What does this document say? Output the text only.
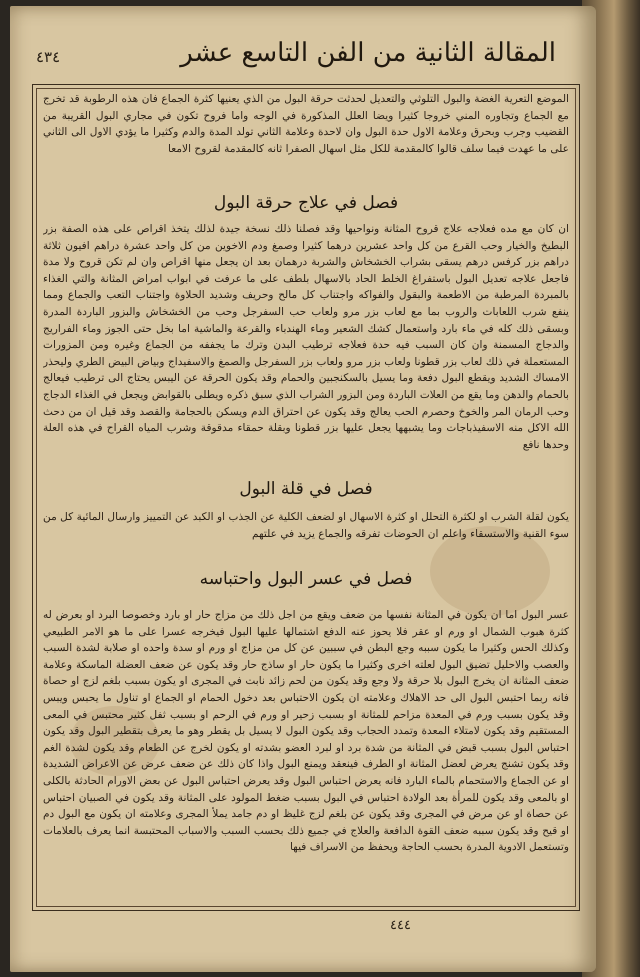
٤٣٤	المقالة الثانية من الفن التاسع عشر
الموضع التعرية الغضة والبول التلوثي والتعديل لحدثت حرقة البول من الذي يعنيها كثرة الجماع فان هذه الرطوبة قد تخرج مع الجماع وتجاوره المني خروجا كثيرا ويضا العلل المذكورة في الوجه واما فروح تكون في مجاري البول القريبة من القضيب وجرب وبحرق وعلامة الاول حدة البول وان لاحدة وعلامة الثاني تولد المدة والدم وكثيرا ما يؤدي الاول الى الثاني على ما عهدت فيما سلف قالوا كالمقدمة للكل مثل اسهال الصفرا ثانه كالمقدمة لقروح الامعا
فصل في علاج حرقة البول
ان كان مع مده فعلاجه علاج قروح المثانة ونواحيها وقد فصلنا ذلك نسخة جيدة لذلك يتخذ اقراص على هذه الصفة بزر البطيخ والخيار وحب القرع من كل واحد عشرين درهما كثيرا وصمغ ودم الاخوين من كل واحد عشرة دراهم افيون ثلاثة دراهم بزر كرفس درهم يسقى بشراب الخشخاش والشربة درهمان بعد ان يجعل منها اقراص وان لم تكن قروح ولا مدة فاجعل علاجه تعديل البول باستفراغ الخلط الحاد بالاسهال بلطف على ما عرفت في ابواب امراض المثانة والتي الغذاء بالمبردة المرطبة من الاطعمة والبقول والفواكه واجتناب كل مالح وحريف وشديد الحلاوة واجتناب التعب والجماع ومما ينفع شرب اللعابات والروب بما مع لعاب بزر مرو ولعاب حب السفرجل وحب من الخشخاش والبزور الباردة المدرة وبسقى ذلك كله في ماء بارد واستعمال كشك الشعير وماء الهندباء والقرعة والماشية اما بخل حتى الجوز وماء الفراريج والدجاج المسمنة وان كان السبب فيه حدة فعلاجه ترطيب البدن وترك ما يجففه من الجماع وغيره ومن المزورات المستعملة في ذلك لعاب بزر قطونا ولعاب بزر مرو ولعاب بزر السفرجل والصمغ والاسفيداج وبياض البيض الطري وليحذر الامساك الشديد ويقطع البول دفعة وما يسيل بالسكنجبين والحمام وقد يكون الحرقة عن اليبس يحتاج الى ترطيب فيعالج بالحمام والدهن وما يقع من العلات الباردة ومن البزور الشراب الذي سبق ذكره ويطلى بالقوابض ويجعل في الغذاء الدجاج وحب الرمان المر والخوخ وحصرم الحب يعالج وقد يكون عن احتراق الدم ويسكن بالحجامة والقصد وقد قيل ان من دحث الله الاكل منه الاسفيذباجات وما يشبهها يجعل عليها بزر قطونا وبقلة حمقاء مدقوقة وشرب المياه القراح في هذه العلة وحدها نافع
فصل في قلة البول
يكون لقلة الشرب او لكثرة التحلل او كثرة الاسهال او لضعف الكلية عن الجذب او الكبد عن التمييز وارسال المائية كل من سوء القنية والاستسقاء واعلم ان الحوضات تفرقه والجماع يزيد في علتهم
فصل في عسر البول واحتباسه
عسر البول اما ان يكون في المثانة نفسها من ضعف ويقع من اجل ذلك من مزاج حار او بارد وخصوصا البرد او بعرض له كثرة هبوب الشمال او ورم او عقر فلا يحوز عنه الدفع اشتمالها عليها البول فيخرجه عسرا على ما هو الامر الطبيعي وكذلك الحس وكثيرا ما يكون سببه وجع البطن في سببين عن كل من مزاج او ورم او سدة واحده او صلابة لشدة السبب والعصب والاحليل تضيق البول لعلته اخرى وكثيرا ما يكون حار او ساذج حار وقد يكون عن ضعف العضلة الماسكة وعلامة ضعف المثانة ان يخرج البول بلا حرقة ولا وجع وقد يكون من لحم زائد نابت في المجرى او يكون بسبب بلغم لزج او حصاة فانه ربما احتبس البول الى حد الاهلاك وعلامته ان يكون الاحتباس بعد دخول الحمام او الجماع او تناول ما يحبس ويبس وقد يكون بسبب ورم في المعدة مزاحم للمثانة او بسبب زحير او ورم في الرحم او بسبب ثفل كثير محتبس في المعى المستقيم وقد يكون لامتلاء المعدة وتمدد الحجاب وقد يكون البول لا يسيل بل يقطر وهو ما يعرف بتقطير البول وقد يكون احتباس البول بسبب قبض في المثانة من شدة برد او لبرد العضو بشدته او يكون لخرج عن الطعام وقد يكون لشدة الغم وقد يكون تشنج يعرض لعضل المثانة او الطرف فينعقد ويمنع البول واذا كان ذلك عن ضعف عرض عن الاعراض الشديدة او عن الجماع والاستحمام بالماء البارد فانه يعرض احتباس البول وقد يعرض احتباس البول عن بعض الاورام الحادثة بالكلى او بالمعى وقد يكون للمرأة بعد الولادة احتباس في البول بسبب ضغط المولود على المثانة وقد يكون في الصبيان احتباس عن حصاة او عن مرض في المجرى وقد يكون عن بلغم لزج غليظ او دم جامد يملأ المجرى وعلامته ان يكون مع البول دم او قيح وقد يكون سببه ضعف القوة الدافعة والعلاج في جميع ذلك بحسب السبب والاسباب المحتبسة انما يعرف بالعلامات وتستعمل الادوية المدرة بحسب الحاجة ويحفظ من الاسراف فيها
٤٤٤
